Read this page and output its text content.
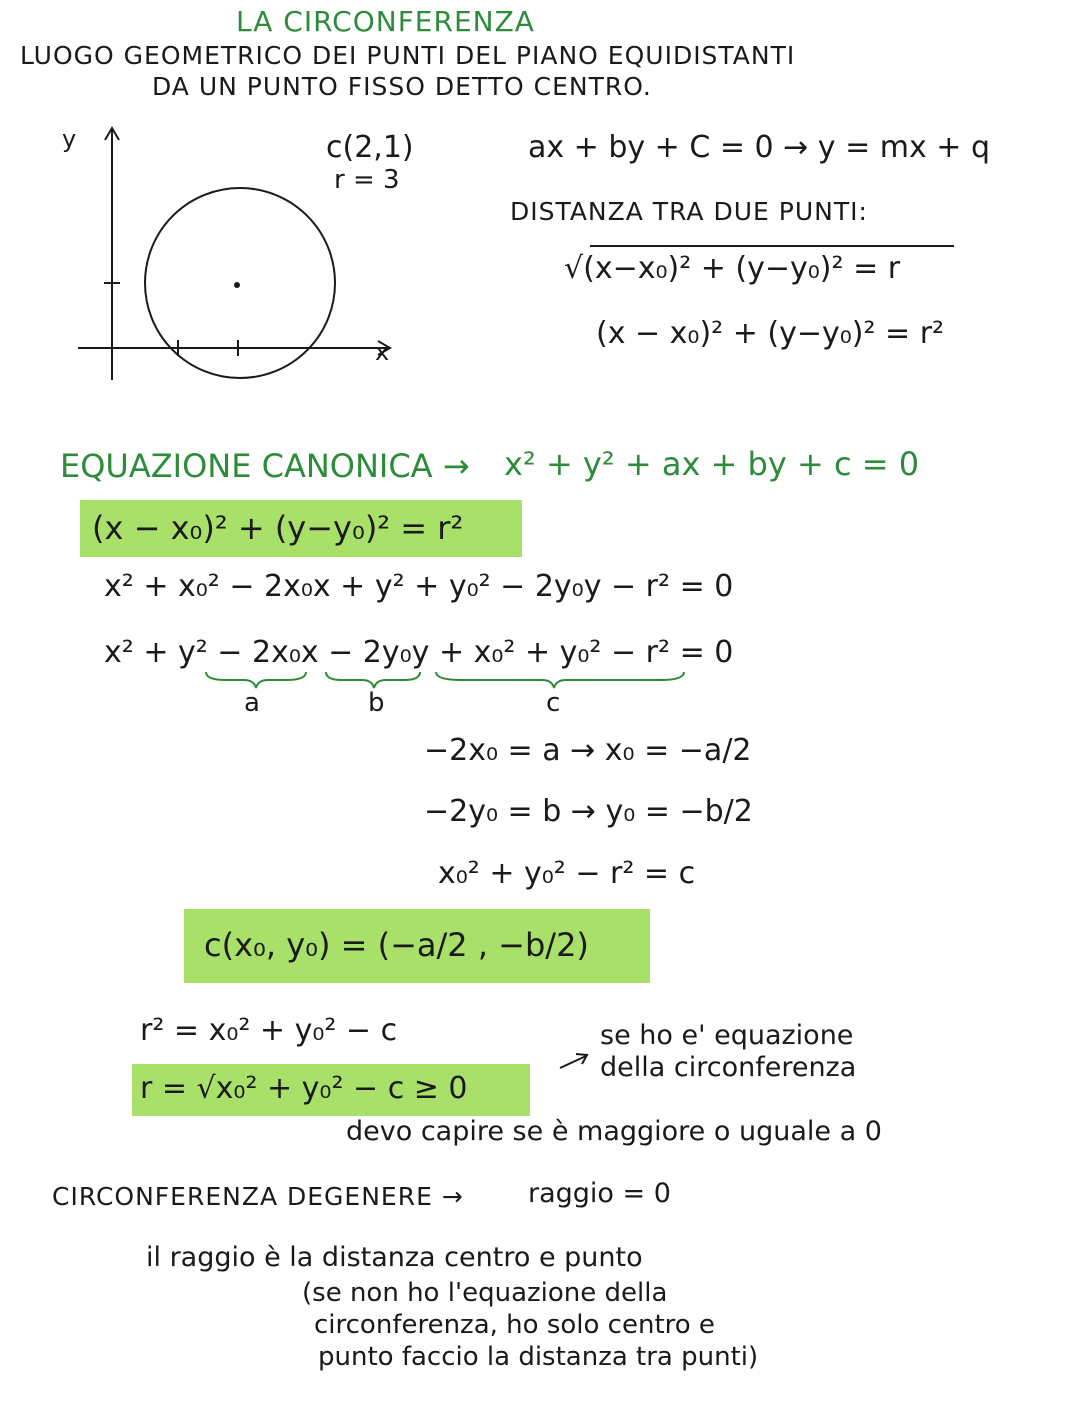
LA CIRCONFERENZA
LUOGO GEOMETRICO DEI PUNTI DEL PIANO EQUIDISTANTI
DA UN PUNTO FISSO DETTO CENTRO.
y
x
c(2,1)
r = 3
ax + by + C = 0 → y = mx + q
DISTANZA TRA DUE PUNTI:
√(x−x₀)² + (y−y₀)² = r
(x − x₀)² + (y−y₀)² = r²
EQUAZIONE CANONICA → x² + y² + ax + by + c = 0
(x − x₀)² + (y−y₀)² = r²
x² + x₀² − 2x₀x + y² + y₀² − 2y₀y − r² = 0
x² + y² − 2x₀x − 2y₀y + x₀² + y₀² − r² = 0
a	b	c
−2x₀ = a → x₀ = −a/2
−2y₀ = b → y₀ = −b/2
x₀² + y₀² − r² = c
c(x₀, y₀) = (−a/2 , −b/2)
r² = x₀² + y₀² − c
r = √x₀² + y₀² − c ≥ 0
se ho e' equazione
della circonferenza
devo capire se è maggiore o uguale a 0
CIRCONFERENZA DEGENERE → raggio = 0
il raggio è la distanza centro e punto
(se non ho l'equazione della
circonferenza, ho solo centro e
punto faccio la distanza tra punti)
